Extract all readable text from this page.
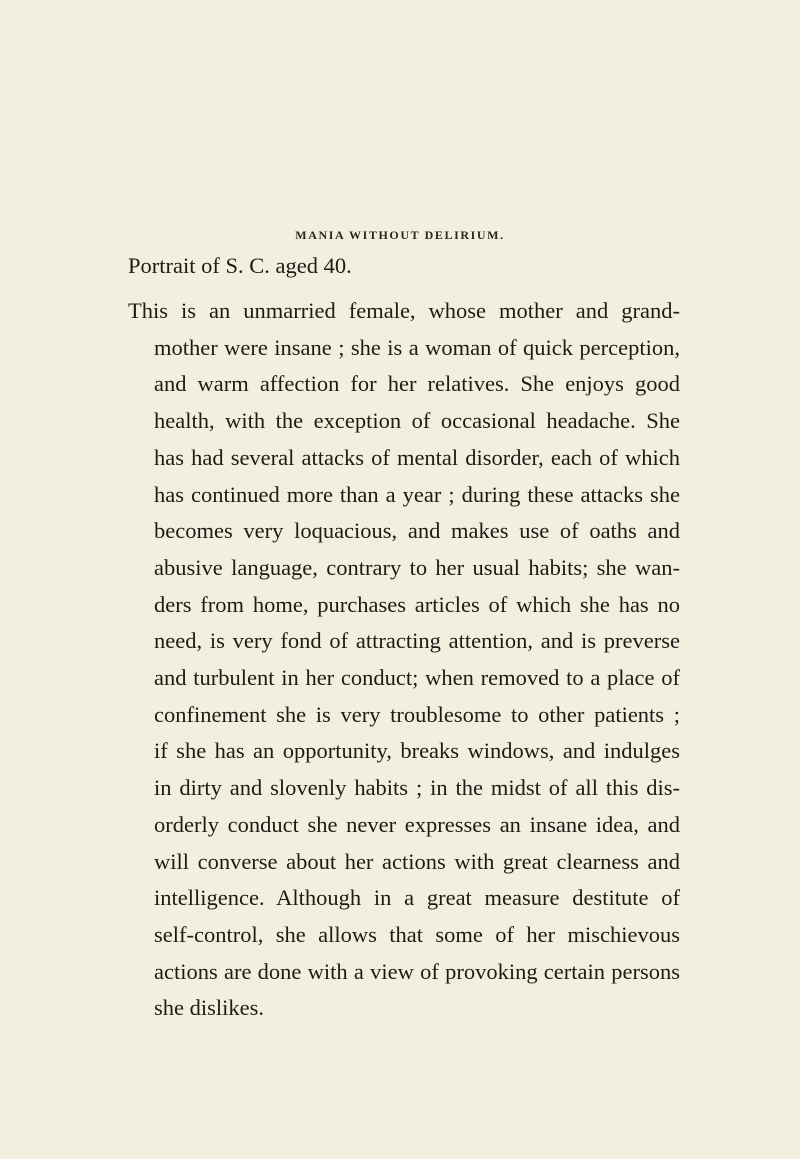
MANIA WITHOUT DELIRIUM.
Portrait of S. C. aged 40.
This is an unmarried female, whose mother and grand-
mother were insane ; she is a woman of quick perception,
and warm affection for her relatives. She enjoys good
health, with the exception of occasional headache. She
has had several attacks of mental disorder, each of which
has continued more than a year ; during these attacks she
becomes very loquacious, and makes use of oaths and
abusive language, contrary to her usual habits; she wan-
ders from home, purchases articles of which she has no
need, is very fond of attracting attention, and is preverse
and turbulent in her conduct; when removed to a place of
confinement she is very troublesome to other patients ;
if she has an opportunity, breaks windows, and indulges
in dirty and slovenly habits ; in the midst of all this dis-
orderly conduct she never expresses an insane idea, and
will converse about her actions with great clearness and
intelligence. Although in a great measure destitute of
self-control, she allows that some of her mischievous
actions are done with a view of provoking certain persons
she dislikes.
